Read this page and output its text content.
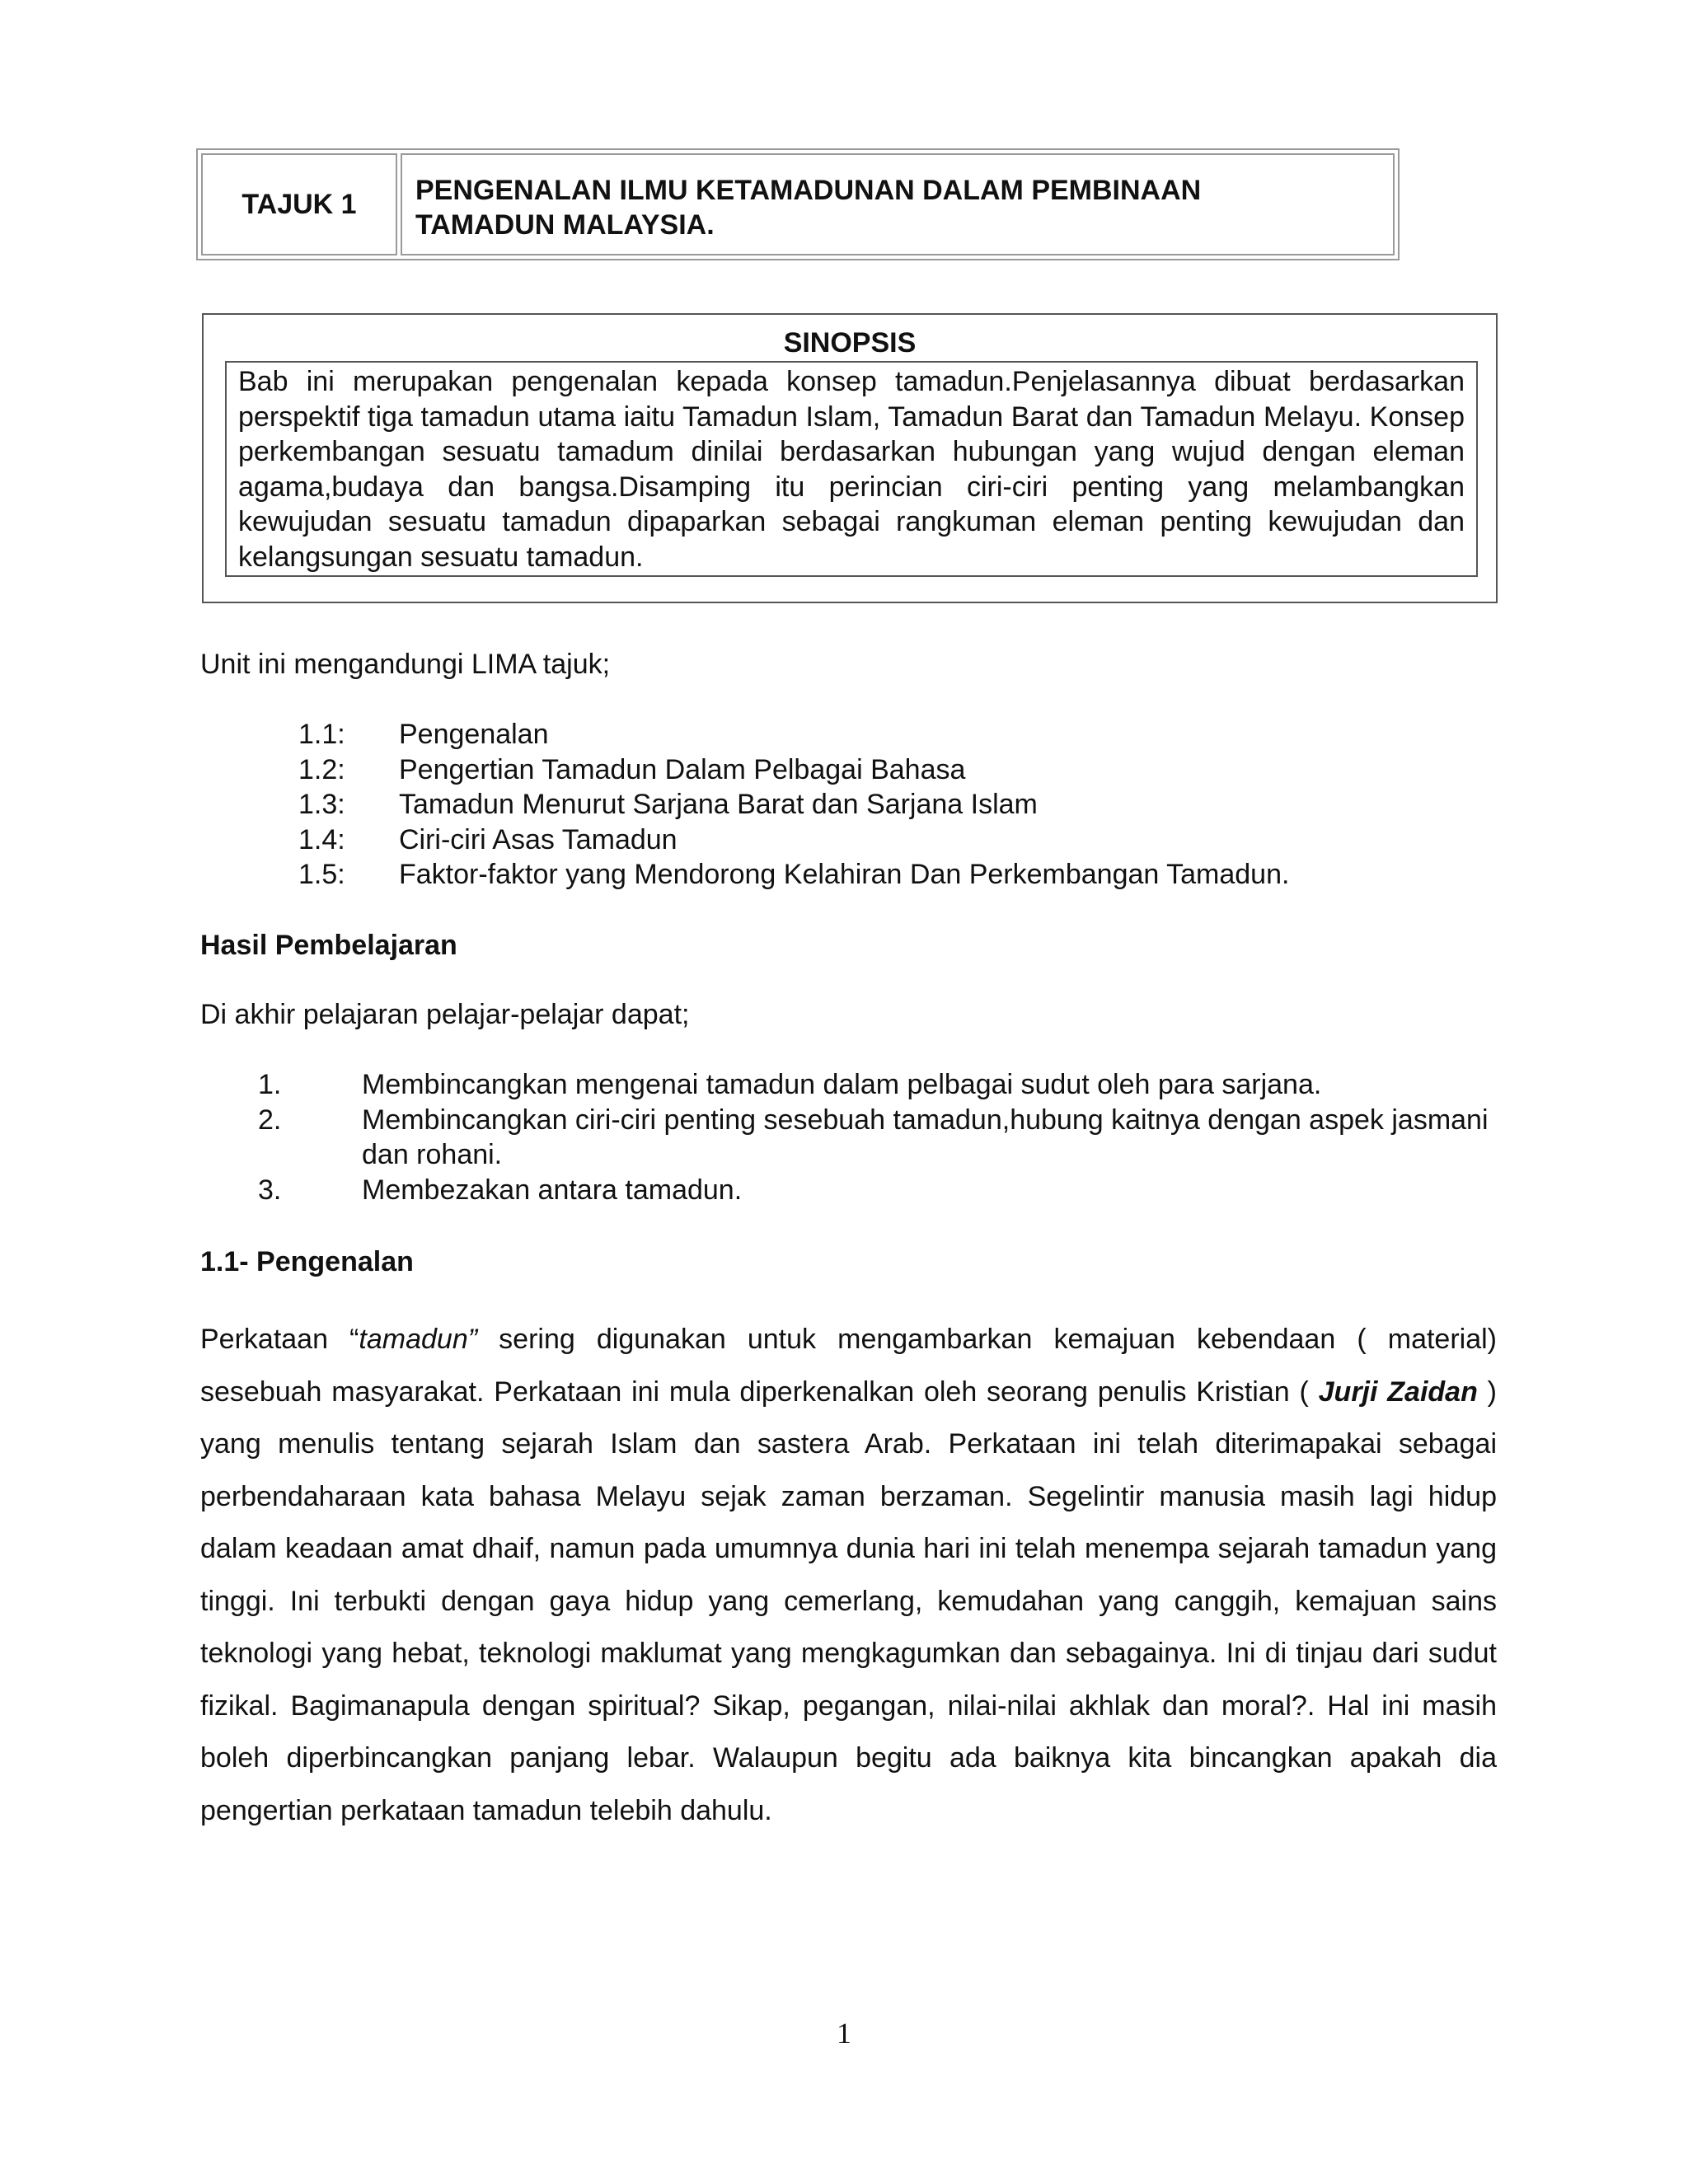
TAJUK 1 PENGENALAN ILMU KETAMADUNAN DALAM PEMBINAAN
TAMADUN MALAYSIA.
SINOPSIS
Bab ini merupakan pengenalan kepada konsep tamadun.Penjelasannya dibuat berdasarkan perspektif tiga tamadun utama iaitu Tamadun Islam, Tamadun Barat dan Tamadun Melayu. Konsep perkembangan sesuatu tamadum dinilai berdasarkan hubungan yang wujud dengan eleman agama,budaya dan bangsa.Disamping itu perincian ciri-ciri penting yang melambangkan kewujudan sesuatu tamadun dipaparkan sebagai rangkuman eleman penting kewujudan dan kelangsungan sesuatu tamadun.

Unit ini mengandungi LIMA tajuk;

1.1:	Pengenalan
1.2:	Pengertian Tamadun Dalam Pelbagai Bahasa
1.3:	Tamadun Menurut Sarjana Barat dan Sarjana Islam
1.4:	Ciri-ciri Asas Tamadun
1.5:	Faktor-faktor yang Mendorong Kelahiran Dan Perkembangan Tamadun.

Hasil Pembelajaran

Di akhir pelajaran pelajar-pelajar dapat;

1.	Membincangkan mengenai tamadun dalam pelbagai sudut oleh para sarjana.
2.	Membincangkan ciri-ciri penting sesebuah tamadun,hubung kaitnya dengan aspek jasmani dan rohani.
3.	Membezakan antara tamadun.

1.1- Pengenalan

Perkataan “tamadun” sering digunakan untuk mengambarkan kemajuan kebendaan ( material) sesebuah masyarakat. Perkataan ini mula diperkenalkan oleh seorang penulis Kristian ( Jurji Zaidan ) yang menulis tentang sejarah Islam dan sastera Arab. Perkataan ini telah diterimapakai sebagai perbendaharaan kata bahasa Melayu sejak zaman berzaman. Segelintir manusia masih lagi hidup dalam keadaan amat dhaif, namun pada umumnya dunia hari ini telah menempa sejarah tamadun yang tinggi. Ini terbukti dengan gaya hidup yang cemerlang, kemudahan yang canggih, kemajuan sains teknologi yang hebat, teknologi maklumat yang mengkagumkan dan sebagainya. Ini di tinjau dari sudut fizikal. Bagimanapula dengan spiritual? Sikap, pegangan, nilai-nilai akhlak dan moral?. Hal ini masih boleh diperbincangkan panjang lebar. Walaupun begitu ada baiknya kita bincangkan apakah dia pengertian perkataan tamadun telebih dahulu.

1
